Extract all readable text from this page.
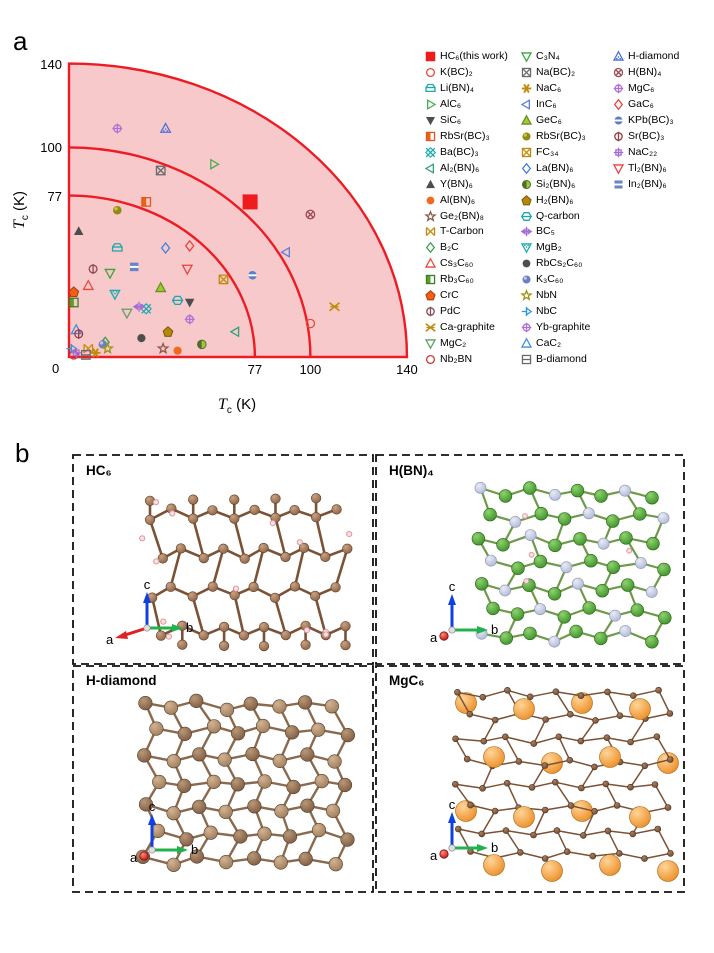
c
b
a
c
b
a
c
b
a
c
b
a
a
b
$T_c$ (K)
$T_c$ (K)
77	100	140
77
100
140
0
HC₆(this work)
K(BC)₂
Li(BN)₄
AlC₆
SiC₆
RbSr(BC)₃
Ba(BC)₃
Al₂(BN)₆
Y(BN)₆
Al(BN)₆
Ge₂(BN)₈
T-Carbon
B₂C
Cs₃C₆₀
Rb₃C₆₀
CrC
PdC
Ca-graphite
MgC₂
Nb₂BN
C₃N₄
Na(BC)₂
NaC₆
InC₆
GeC₆
RbSr(BC)₃
FC₃₄
La(BN)₆
Si₂(BN)₆
H₂(BN)₆
Q-carbon
BC₅
MgB₂
RbCs₂C₆₀
K₃C₆₀
NbN
NbC
Yb-graphite
CaC₂
B-diamond
H-diamond
H(BN)₄
MgC₆
GaC₆
KPb(BC)₃
Sr(BC)₃
NaC₂₂
Tl₂(BN)₆
In₂(BN)₆
HC₆	H(BN)₄
H-diamond	MgC₆
